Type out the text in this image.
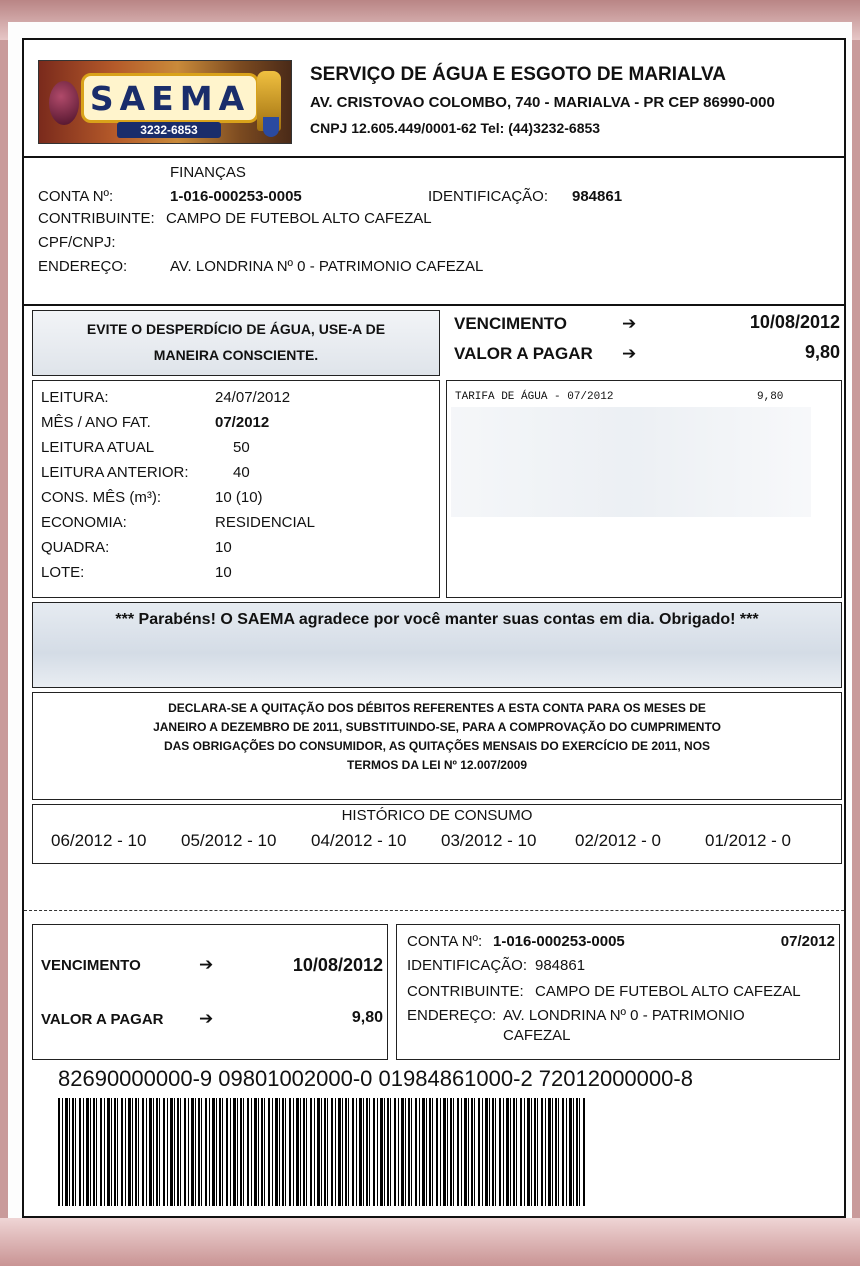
SAEMA
3232-6853
SERVIÇO DE ÁGUA E ESGOTO DE MARIALVA
AV. CRISTOVAO COLOMBO, 740 - MARIALVA - PR CEP 86990-000
CNPJ 12.605.449/0001-62 Tel: (44)3232-6853
FINANÇAS
CONTA Nº:	1-016-000253-0005	IDENTIFICAÇÃO: 984861
CONTRIBUINTE: CAMPO DE FUTEBOL ALTO CAFEZAL
CPF/CNPJ:
ENDEREÇO:	AV. LONDRINA Nº 0 - PATRIMONIO CAFEZAL
EVITE O DESPERDÍCIO DE ÁGUA, USE-A DE
MANEIRA CONSCIENTE.
VENCIMENTO	➔	10/08/2012
VALOR A PAGAR ➔	9,80
LEITURA:	24/07/2012
MÊS / ANO FAT.	07/2012
LEITURA ATUAL	50
LEITURA ANTERIOR:	40
CONS. MÊS (m³):	10 (10)
ECONOMIA:	RESIDENCIAL
QUADRA:	10
LOTE:	10
TARIFA DE ÁGUA - 07/2012	9,80
*** Parabéns! O SAEMA agradece por você manter suas contas em dia. Obrigado! ***
DECLARA-SE A QUITAÇÃO DOS DÉBITOS REFERENTES A ESTA CONTA PARA OS MESES DE
JANEIRO A DEZEMBRO DE 2011, SUBSTITUINDO-SE, PARA A COMPROVAÇÃO DO CUMPRIMENTO
DAS OBRIGAÇÕES DO CONSUMIDOR, AS QUITAÇÕES MENSAIS DO EXERCÍCIO DE 2011, NOS
TERMOS DA LEI Nº 12.007/2009
HISTÓRICO DE CONSUMO
06/2012 - 10 05/2012 - 10 04/2012 - 10 03/2012 - 10 02/2012 - 0	01/2012 - 0
VENCIMENTO	➔	10/08/2012
VALOR A PAGAR ➔	9,80
CONTA Nº: 1-016-000253-0005	07/2012
IDENTIFICAÇÃO: 984861
CONTRIBUINTE: CAMPO DE FUTEBOL ALTO CAFEZAL
ENDEREÇO: AV. LONDRINA Nº 0 - PATRIMONIO
CAFEZAL
82690000000-9 09801002000-0 01984861000-2 72012000000-8
